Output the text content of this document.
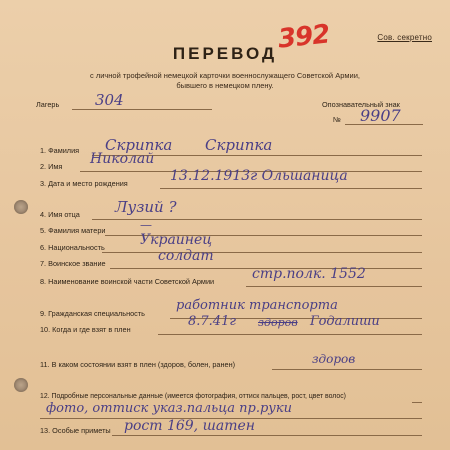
Сов. секретно
ПЕРЕВОД 392
с личной трофейной немецкой карточки военнослужащего Советской Армии,
бывшего в немецком плену.
Лагерь 304	Опознавательный знак
№ 9907
1. Фамилия Скрипка Скрипка
2. Имя Николай
3. Дата и место рождения	13.12.1913г Ольшаница
4. Имя отца Лузий ?
5. Фамилия матери	—
6. Национальность	Украинец
7. Воинское звание	солдат
8. Наименование воинской части Советской Армии	стр.полк. 1552
9. Гражданская специальность
работник транспорта
10. Когда и где взят в плен
8.7.41г здоров Годалиши
11. В каком состоянии взят в плен (здоров, болен, ранен)	здоров
12. Подробные персональные данные (имеется фотография, оттиск пальцев, рост, цвет волос)
фото, оттиск указ.пальца пр.руки
13. Особые приметы рост 169, шатен
